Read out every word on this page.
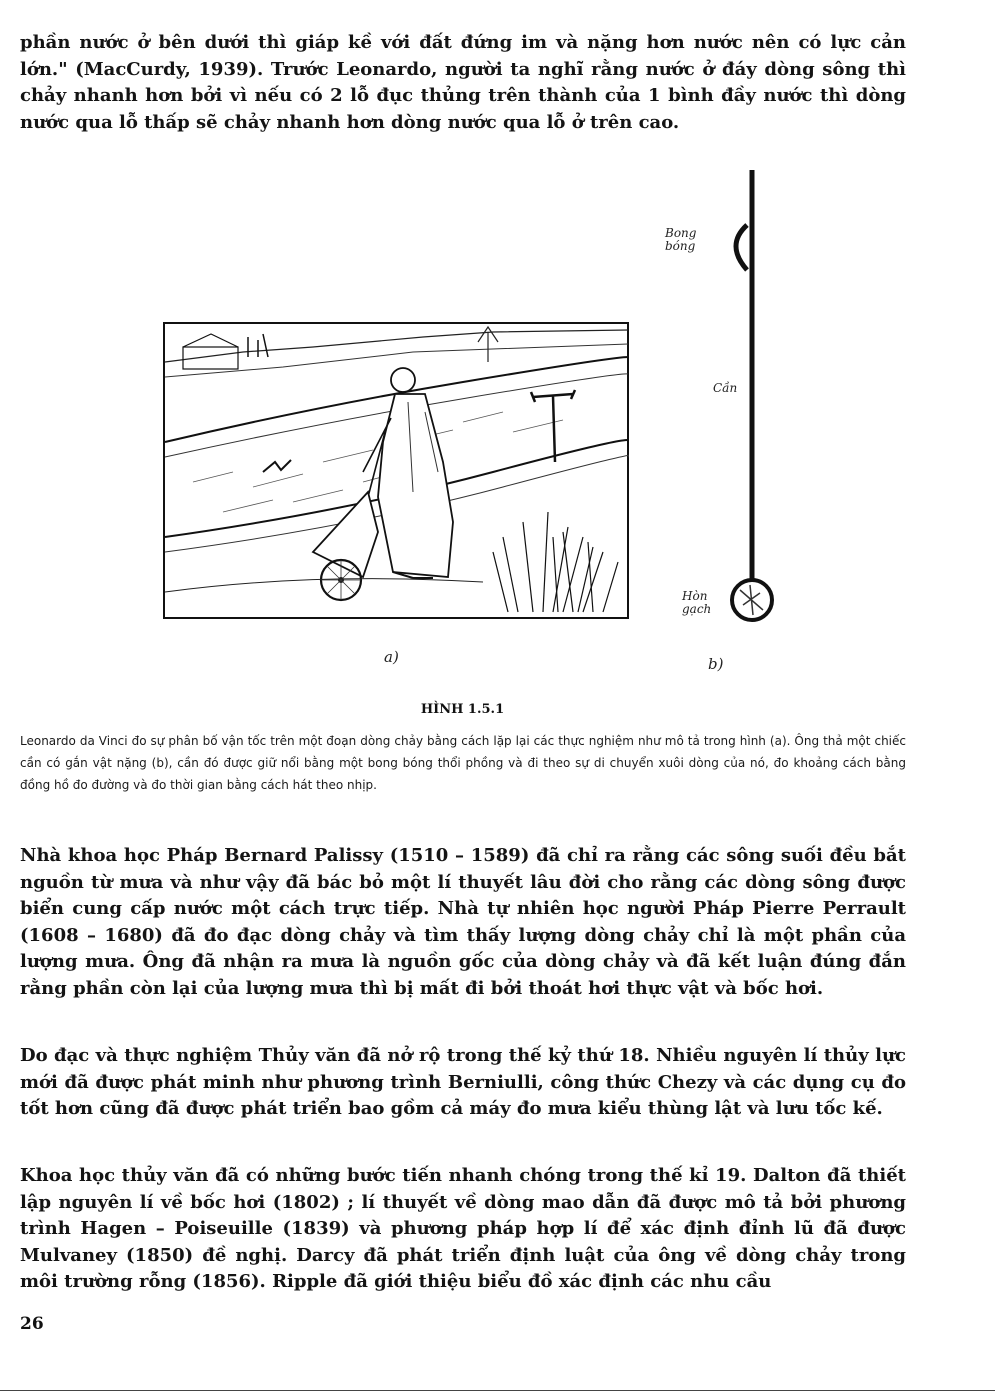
phần nước ở bên dưới thì giáp kề với đất đứng im và nặng hơn nước nên có lực cản lớn." (MacCurdy, 1939). Trước Leonardo, người ta nghĩ rằng nước ở đáy dòng sông thì chảy nhanh hơn bởi vì nếu có 2 lỗ đục thủng trên thành của 1 bình đầy nước thì dòng nước qua lỗ thấp sẽ chảy nhanh hơn dòng nước qua lỗ ở trên cao.

Bong bóng
Cần
Hòn gạch
a)	b)
HÌNH 1.5.1

Leonardo da Vinci đo sự phân bố vận tốc trên một đoạn dòng chảy bằng cách lặp lại các thực nghiệm như mô tả trong hình (a). Ông thả một chiếc cần có gắn vật nặng (b), cần đó được giữ nổi bằng một bong bóng thổi phồng và đi theo sự di chuyển xuôi dòng của nó, đo khoảng cách bằng đồng hồ đo đường và đo thời gian bằng cách hát theo nhịp.

Nhà khoa học Pháp Bernard Palissy (1510 – 1589) đã chỉ ra rằng các sông suối đều bắt nguồn từ mưa và như vậy đã bác bỏ một lí thuyết lâu đời cho rằng các dòng sông được biển cung cấp nước một cách trực tiếp. Nhà tự nhiên học người Pháp Pierre Perrault (1608 – 1680) đã đo đạc dòng chảy và tìm thấy lượng dòng chảy chỉ là một phần của lượng mưa. Ông đã nhận ra mưa là nguồn gốc của dòng chảy và đã kết luận đúng đắn rằng phần còn lại của lượng mưa thì bị mất đi bởi thoát hơi thực vật và bốc hơi.

Do đạc và thực nghiệm Thủy văn đã nở rộ trong thế kỷ thứ 18. Nhiều nguyên lí thủy lực mới đã được phát minh như phương trình Berniulli, công thức Chezy và các dụng cụ đo tốt hơn cũng đã được phát triển bao gồm cả máy đo mưa kiểu thùng lật và lưu tốc kế.

Khoa học thủy văn đã có những bước tiến nhanh chóng trong thế kỉ 19. Dalton đã thiết lập nguyên lí về bốc hơi (1802) ; lí thuyết về dòng mao dẫn đã được mô tả bởi phương trình Hagen – Poiseuille (1839) và phương pháp hợp lí để xác định đỉnh lũ đã được Mulvaney (1850) đề nghị. Darcy đã phát triển định luật của ông về dòng chảy trong môi trường rỗng (1856). Ripple đã giới thiệu biểu đồ xác định các nhu cầu

26
